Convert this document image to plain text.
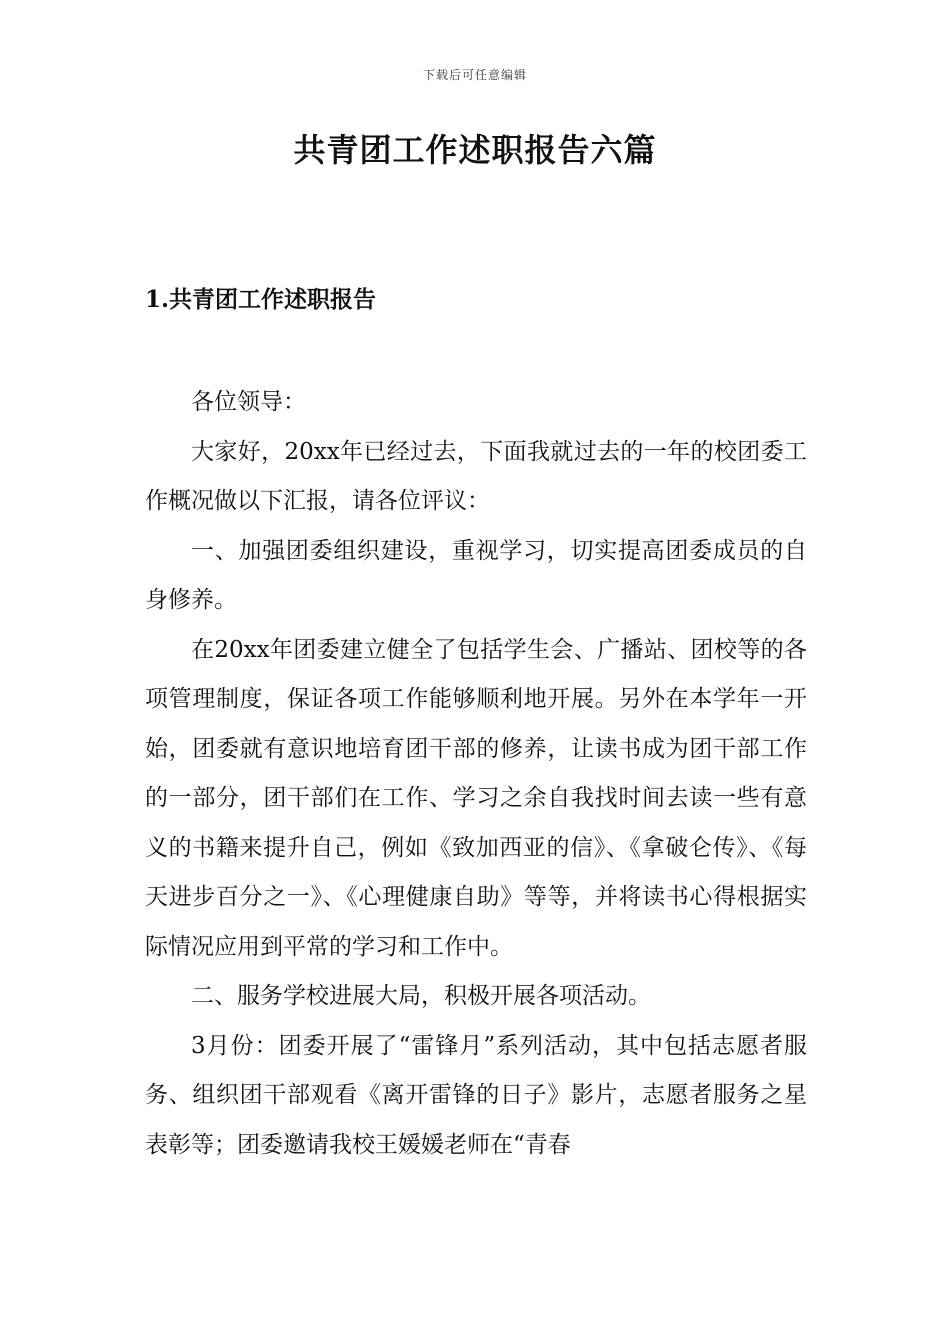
下载后可任意编辑
共青团工作述职报告六篇
1.共青团工作述职报告

各位领导：

大家好，20xx年已经过去，下面我就过去的一年的校团委工作概况做以下汇报，请各位评议：

一、加强团委组织建设，重视学习，切实提高团委成员的自身修养。

在20xx年团委建立健全了包括学生会、广播站、团校等的各项管理制度，保证各项工作能够顺利地开展。另外在本学年一开始，团委就有意识地培育团干部的修养，让读书成为团干部工作的一部分，团干部们在工作、学习之余自我找时间去读一些有意义的书籍来提升自己，例如《致加西亚的信》、《拿破仑传》、《每天进步百分之一》、《心理健康自助》等等，并将读书心得根据实际情况应用到平常的学习和工作中。

二、服务学校进展大局，积极开展各项活动。

3月份：团委开展了“雷锋月”系列活动，其中包括志愿者服务、组织团干部观看《离开雷锋的日子》影片，志愿者服务之星表彰等；团委邀请我校王媛媛老师在“青春
